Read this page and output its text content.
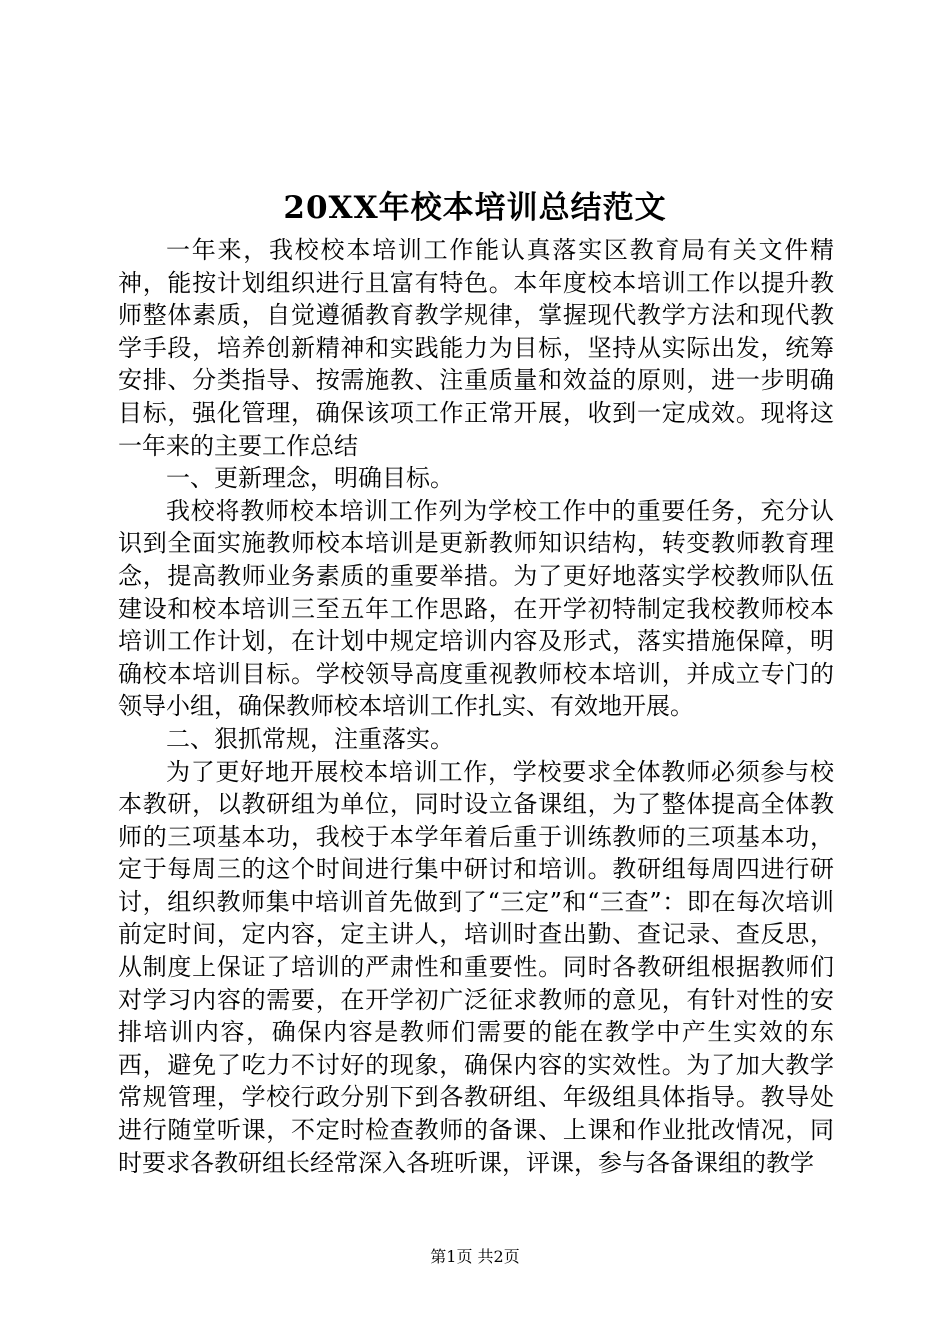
20XX年校本培训总结范文

一年来，我校校本培训工作能认真落实区教育局有关文件精神，能按计划组织进行且富有特色。本年度校本培训工作以提升教师整体素质，自觉遵循教育教学规律，掌握现代教学方法和现代教学手段，培养创新精神和实践能力为目标，坚持从实际出发，统筹安排、分类指导、按需施教、注重质量和效益的原则，进一步明确目标，强化管理，确保该项工作正常开展，收到一定成效。现将这一年来的主要工作总结

一、更新理念，明确目标。

我校将教师校本培训工作列为学校工作中的重要任务，充分认识到全面实施教师校本培训是更新教师知识结构，转变教师教育理念，提高教师业务素质的重要举措。为了更好地落实学校教师队伍建设和校本培训三至五年工作思路，在开学初特制定我校教师校本培训工作计划，在计划中规定培训内容及形式，落实措施保障，明确校本培训目标。学校领导高度重视教师校本培训，并成立专门的领导小组，确保教师校本培训工作扎实、有效地开展。

二、狠抓常规，注重落实。

为了更好地开展校本培训工作，学校要求全体教师必须参与校本教研，以教研组为单位，同时设立备课组，为了整体提高全体教师的三项基本功，我校于本学年着后重于训练教师的三项基本功，定于每周三的这个时间进行集中研讨和培训。教研组每周四进行研讨，组织教师集中培训首先做到了“三定”和“三查”：即在每次培训前定时间，定内容，定主讲人，培训时查出勤、查记录、查反思，从制度上保证了培训的严肃性和重要性。同时各教研组根据教师们对学习内容的需要，在开学初广泛征求教师的意见，有针对性的安排培训内容，确保内容是教师们需要的能在教学中产生实效的东西，避免了吃力不讨好的现象，确保内容的实效性。为了加大教学常规管理，学校行政分别下到各教研组、年级组具体指导。教导处进行随堂听课，不定时检查教师的备课、上课和作业批改情况，同时要求各教研组长经常深入各班听课，评课，参与各备课组的教学

第1页 共2页
